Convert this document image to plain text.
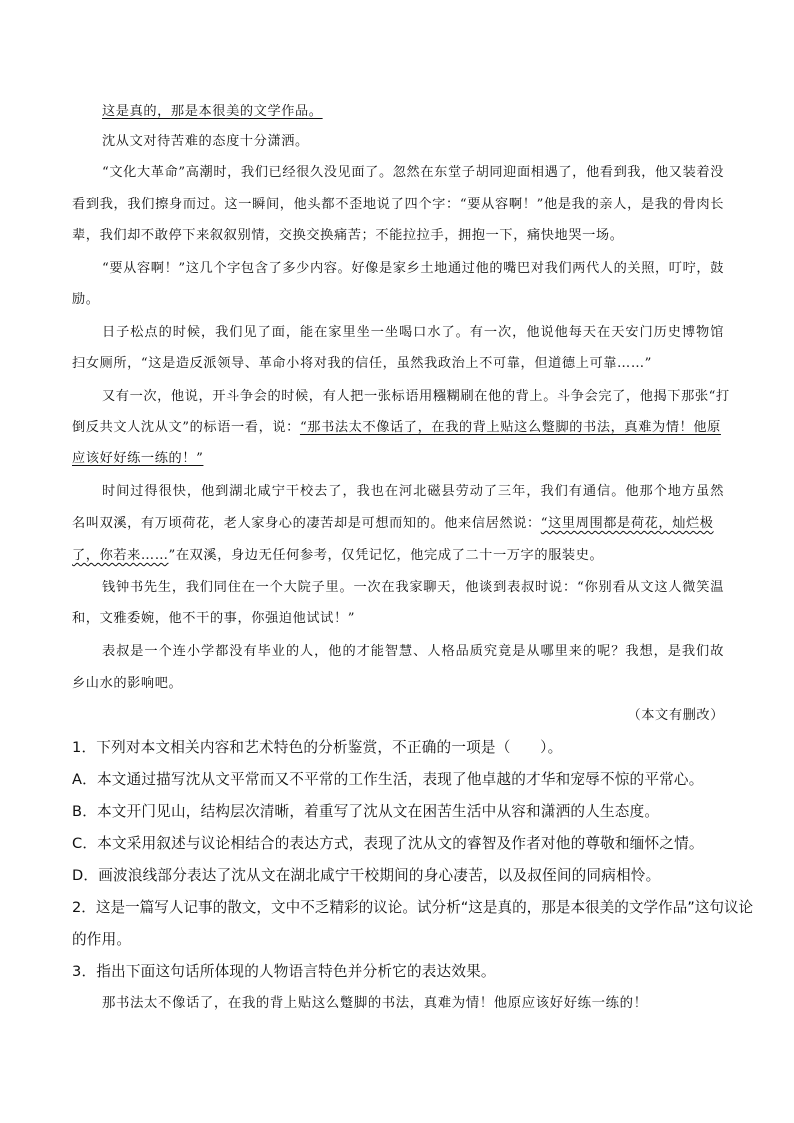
这是真的，那是本很美的文学作品。
沈从文对待苦难的态度十分潇洒。
“文化大革命”高潮时，我们已经很久没见面了。忽然在东堂子胡同迎面相遇了，他看到我，他又装着没
看到我，我们擦身而过。这一瞬间，他头都不歪地说了四个字：“要从容啊！”他是我的亲人，是我的骨肉长
辈，我们却不敢停下来叙叙别情，交换交换痛苦；不能拉拉手，拥抱一下，痛快地哭一场。
“要从容啊！”这几个字包含了多少内容。好像是家乡土地通过他的嘴巴对我们两代人的关照，叮咛，鼓
励。
日子松点的时候，我们见了面，能在家里坐一坐喝口水了。有一次，他说他每天在天安门历史博物馆
扫女厕所，“这是造反派领导、革命小将对我的信任，虽然我政治上不可靠，但道德上可靠……”
又有一次，他说，开斗争会的时候，有人把一张标语用糨糊刷在他的背上。斗争会完了，他揭下那张“打
倒反共文人沈从文”的标语一看，说：“那书法太不像话了，在我的背上贴这么蹩脚的书法，真难为情！他原
应该好好练一练的！”
时间过得很快，他到湖北咸宁干校去了，我也在河北磁县劳动了三年，我们有通信。他那个地方虽然
名叫双溪，有万顷荷花，老人家身心的凄苦却是可想而知的。他来信居然说：“这里周围都是荷花，灿烂极
了，你若来……”在双溪，身边无任何参考，仅凭记忆，他完成了二十一万字的服装史。
钱钟书先生，我们同住在一个大院子里。一次在我家聊天，他谈到表叔时说：“你别看从文这人微笑温
和，文雅委婉，他不干的事，你强迫他试试！”
表叔是一个连小学都没有毕业的人，他的才能智慧、人格品质究竟是从哪里来的呢？我想，是我们故
乡山水的影响吧。
（本文有删改）
1．下列对本文相关内容和艺术特色的分析鉴赏，不正确的一项是（　　）。
A．本文通过描写沈从文平常而又不平常的工作生活，表现了他卓越的才华和宠辱不惊的平常心。
B．本文开门见山，结构层次清晰，着重写了沈从文在困苦生活中从容和潇洒的人生态度。
C．本文采用叙述与议论相结合的表达方式，表现了沈从文的睿智及作者对他的尊敬和缅怀之情。
D．画波浪线部分表达了沈从文在湖北咸宁干校期间的身心凄苦，以及叔侄间的同病相怜。
2．这是一篇写人记事的散文，文中不乏精彩的议论。试分析“这是真的，那是本很美的文学作品”这句议论
的作用。
3．指出下面这句话所体现的人物语言特色并分析它的表达效果。
那书法太不像话了，在我的背上贴这么蹩脚的书法，真难为情！他原应该好好练一练的！
